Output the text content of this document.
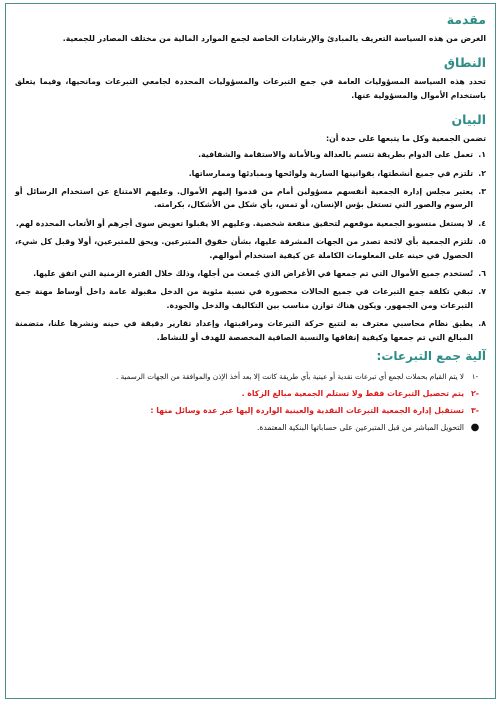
مقدمة

الغرض من هذه السياسة التعريف بالمبادئ والإرشادات الخاصة لجمع الموارد المالية من مختلف المصادر للجمعية.

النطاق

تحدد هذه السياسة المسؤوليات العامة في جمع التبرعات والمسؤوليات المحددة لجامعي التبرعات ومانحيها، وفيما يتعلق باستخدام الأموال والمسؤولية عنها.

البيان

تضمن الجمعية وكل ما يتبعها على حدة أن:

١.
تعمل على الدوام بطريقة تتسم بالعدالة وبالأمانة والاستقامة والشفافية.
٢.
تلتزم في جميع أنشطتها، بقوانينها السارية ولوائحها وبمبادئها وممارساتها.
٣.
يعتبر مجلس إدارة الجمعية أنفسهم مسؤولين أمام من قدموا إليهم الأموال. وعليهم الامتناع عن استخدام الرسائل أو الرسوم والصور التي تستغل بؤس الإنسان، أو تمس، بأي شكل من الأشكال، بكرامته.
٤.
لا يستغل منسوبو الجمعية موقعهم لتحقيق منفعة شخصية. وعليهم الا يقبلوا تعويض سوى أجرهم أو الأتعاب المحددة لهم.
٥.
تلتزم الجمعية بأي لائحة تصدر من الجهات المشرفة عليها، بشأن حقوق المتبرعين. ويحق للمتبرعين، أولا وقبل كل شيء، الحصول في حينه على المعلومات الكاملة عن كيفية استخدام أموالهم.
٦.
تُستخدم جميع الأموال التي تم جمعها في الأغراض الذي جُمعت من أجلها، وذلك خلال الفترة الزمنية التي اتفق عليها.
٧.
تبقي تكلفة جمع التبرعات في جميع الحالات محصورة في نسبة مئوية من الدخل مقبولة عامة داخل أوساط مهنة جمع التبرعات ومن الجمهور. ويكون هناك توازن مناسب بين التكاليف والدخل والجودة.
٨.
يطبق نظام محاسبي معترف به لتتبع حركة التبرعات ومراقبتها، وإعداد تقارير دقيقة في حينه ونشرها علنا، متضمنة المبالغ التي تم جمعها وكيفية إنفاقها والنسبة الصافية المخصصة للهدف أو للنشاط.
آلية جمع التبرعات:
-١
لا يتم القيام بحملات لجمع أي تبرعات نقدية أو عينية بأي طريقة كانت إلا بعد أخذ الإذن والموافقة من الجهات الرسمية .
-٢
يتم تحصيل التبرعات فقط ولا تستلم الجمعية مبالغ الزكاة .
-٣
تستقبل إدارة الجمعية التبرعات النقدية والعينية الواردة إليها عبر عدة وسائل منها :
●
التحويل المباشر من قبل المتبرعين على حساباتها البنكية المعتمدة.
